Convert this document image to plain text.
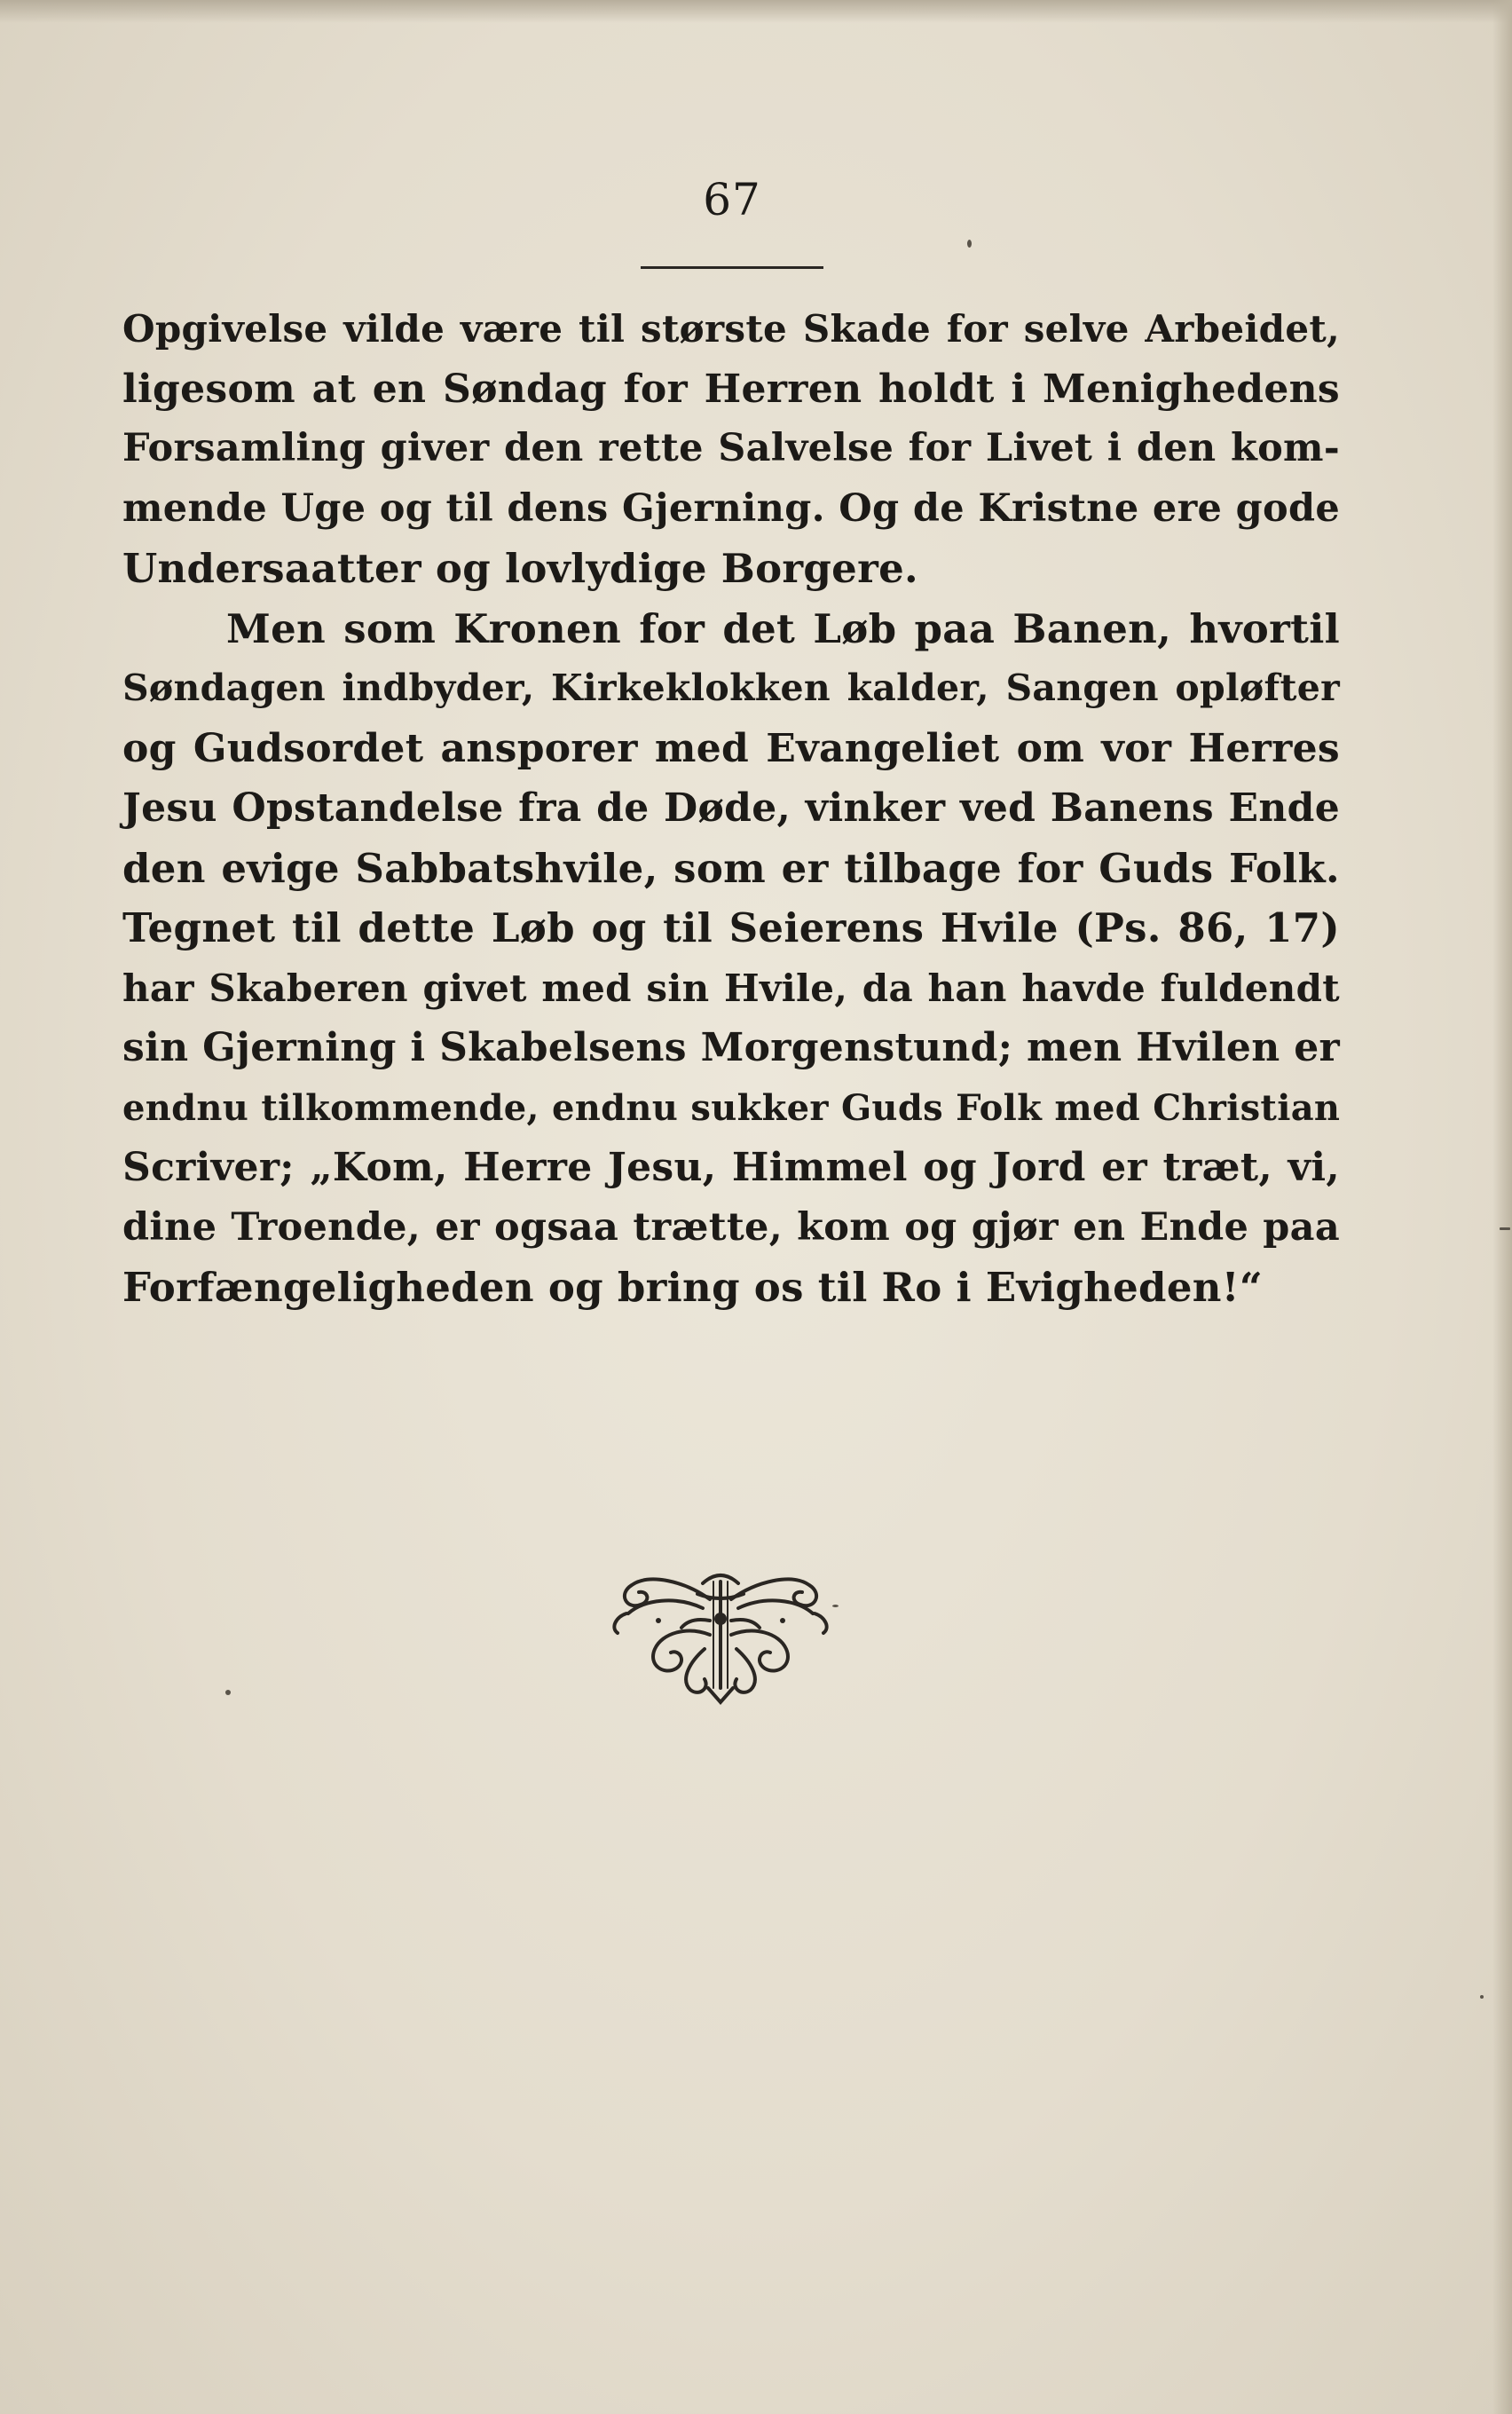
67
Opgivelse vilde være til største Skade for selve Arbeidet,
ligesom at en Søndag for Herren holdt i Menighedens
Forsamling giver den rette Salvelse for Livet i den kom-
mende Uge og til dens Gjerning. Og de Kristne ere gode
Undersaatter og lovlydige Borgere.
Men som Kronen for det Løb paa Banen, hvortil
Søndagen indbyder, Kirkeklokken kalder, Sangen opløfter
og Gudsordet ansporer med Evangeliet om vor Herres
Jesu Opstandelse fra de Døde, vinker ved Banens Ende
den evige Sabbatshvile, som er tilbage for Guds Folk.
Tegnet til dette Løb og til Seierens Hvile (Ps. 86, 17)
har Skaberen givet med sin Hvile, da han havde fuldendt
sin Gjerning i Skabelsens Morgenstund; men Hvilen er
endnu tilkommende, endnu sukker Guds Folk med Christian
Scriver; „Kom, Herre Jesu, Himmel og Jord er træt, vi,
dine Troende, er ogsaa trætte, kom og gjør en Ende paa
Forfængeligheden og bring os til Ro i Evigheden!“
